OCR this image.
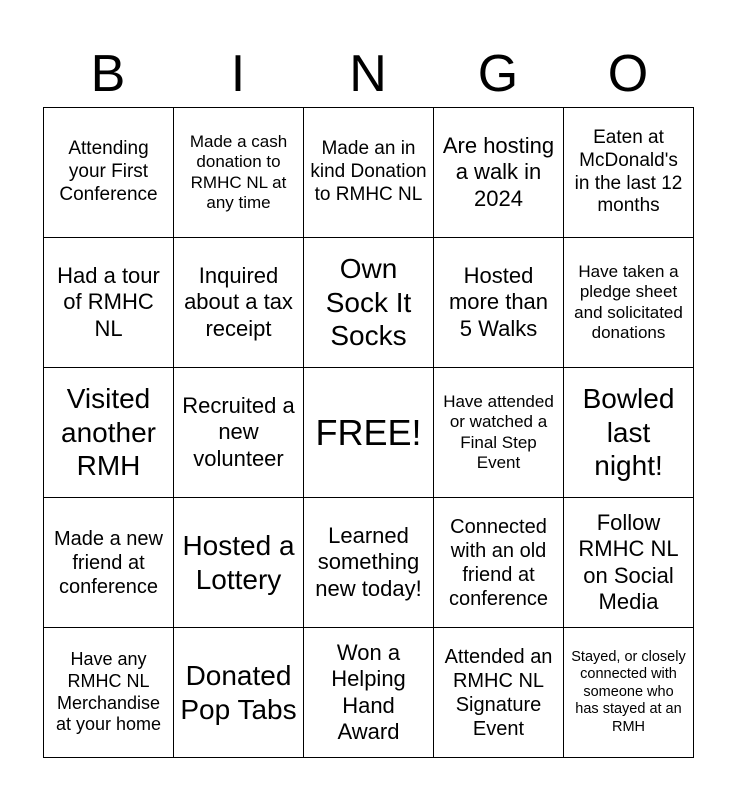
B	I	N	G	O
Attending your First Conference	Made a cash donation to RMHC NL at any time	Made an in kind Donation to RMHC NL	Are hosting a walk in 2024	Eaten at McDonald's in the last 12 months
Had a tour of RMHC NL	Inquired about a tax receipt	Own Sock It Socks	Hosted more than 5 Walks	Have taken a pledge sheet and solicitated donations
Visited another RMH	Recruited a new volunteer	FREE!	Have attended or watched a Final Step Event	Bowled last night!
Made a new friend at conference	Hosted a Lottery	Learned something new today!	Connected with an old friend at conference	Follow RMHC NL on Social Media
Have any RMHC NL Merchandise at your home	Donated Pop Tabs	Won a Helping Hand Award	Attended an RMHC NL Signature Event	Stayed, or closely connected with someone who has stayed at an RMH
